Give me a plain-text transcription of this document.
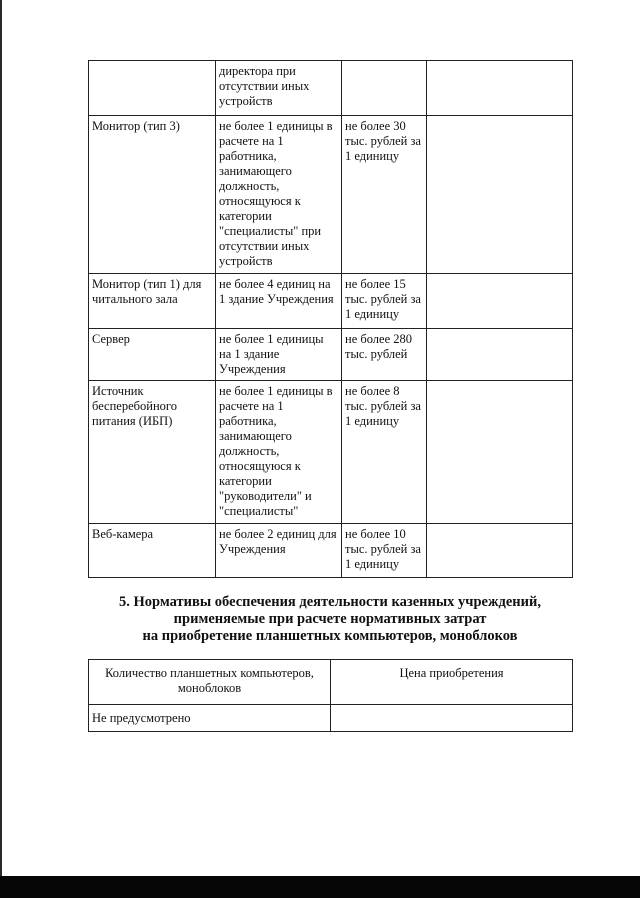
	директора при отсутствии иных устройств		
Монитор (тип 3)	не более 1 единицы в расчете на 1 работника, занимающего должность, относящуюся к категории "специалисты" при отсутствии иных устройств	не более 30 тыс. рублей за 1 единицу	
Монитор (тип 1) для читального зала	не более 4 единиц на 1 здание Учреждения	не более 15 тыс. рублей за 1 единицу	
Сервер	не более 1 единицы на 1 здание Учреждения	не более 280 тыс. рублей	
Источник бесперебойного питания (ИБП)	не более 1 единицы в расчете на 1 работника, занимающего должность, относящуюся к категории "руководители" и "специалисты"	не более 8 тыс. рублей за 1 единицу	
Веб-камера	не более 2 единиц для Учреждения	не более 10 тыс. рублей за 1 единицу	
5. Нормативы обеспечения деятельности казенных учреждений,
применяемые при расчете нормативных затрат
на приобретение планшетных компьютеров, моноблоков
Количество планшетных компьютеров, моноблоков	Цена приобретения
Не предусмотрено	
